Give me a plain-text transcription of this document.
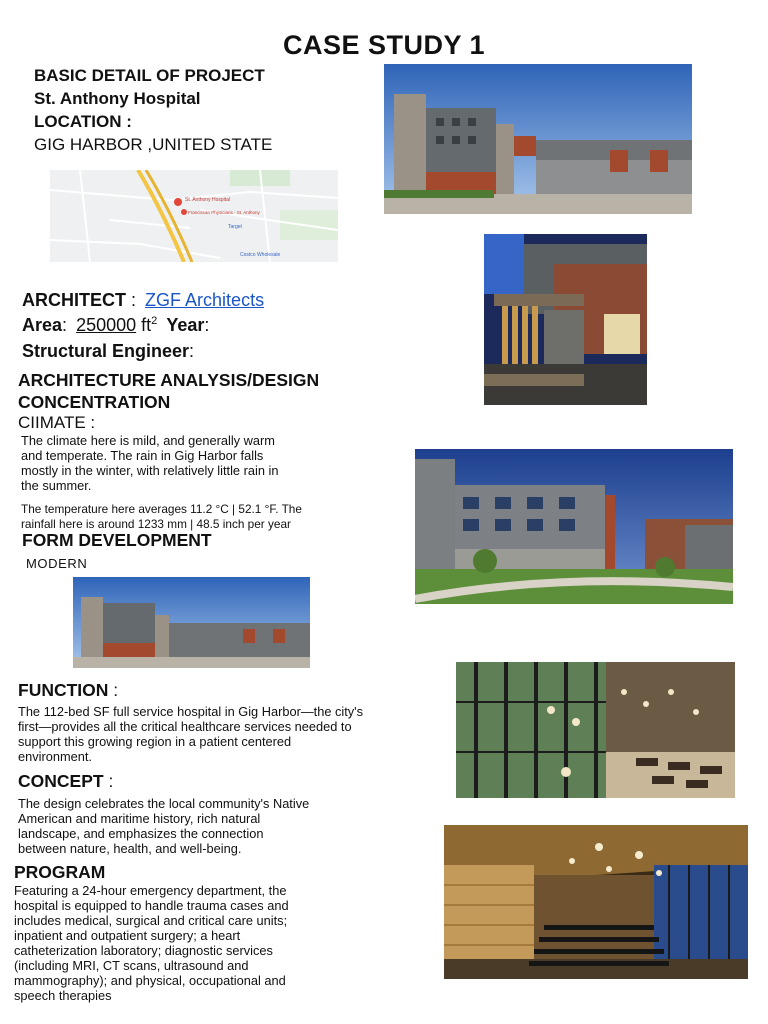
CASE STUDY 1
BASIC DETAIL OF PROJECT
St. Anthony Hospital
LOCATION :
GIG HARBOR ,UNITED STATE
St. Anthony Hospital
Franciscan Physicians - St. Anthony
Target
Costco Wholesale
ARCHITECT : ZGF Architects
Area: 250000 $ft^2$ Year:
Structural Engineer:
ARCHITECTURE ANALYSIS/DESIGN
CONCENTRATION
CIIMATE :
The climate here is mild, and generally warm
and temperate. The rain in Gig Harbor falls
mostly in the winter, with relatively little rain in
the summer.
The temperature here averages 11.2 °C | 52.1 °F. The
rainfall here is around 1233 mm | 48.5 inch per year
FORM DEVELOPMENT
MODERN
FUNCTION :
The 112-bed SF full service hospital in Gig Harbor—the city's
first—provides all the critical healthcare services needed to
support this growing region in a patient centered
environment.
CONCEPT :
The design celebrates the local community's Native
American and maritime history, rich natural
landscape, and emphasizes the connection
between nature, health, and well-being.
PROGRAM
Featuring a 24-hour emergency department, the
hospital is equipped to handle trauma cases and
includes medical, surgical and critical care units;
inpatient and outpatient surgery; a heart
catheterization laboratory; diagnostic services
(including MRI, CT scans, ultrasound and
mammography); and physical, occupational and
speech therapies
